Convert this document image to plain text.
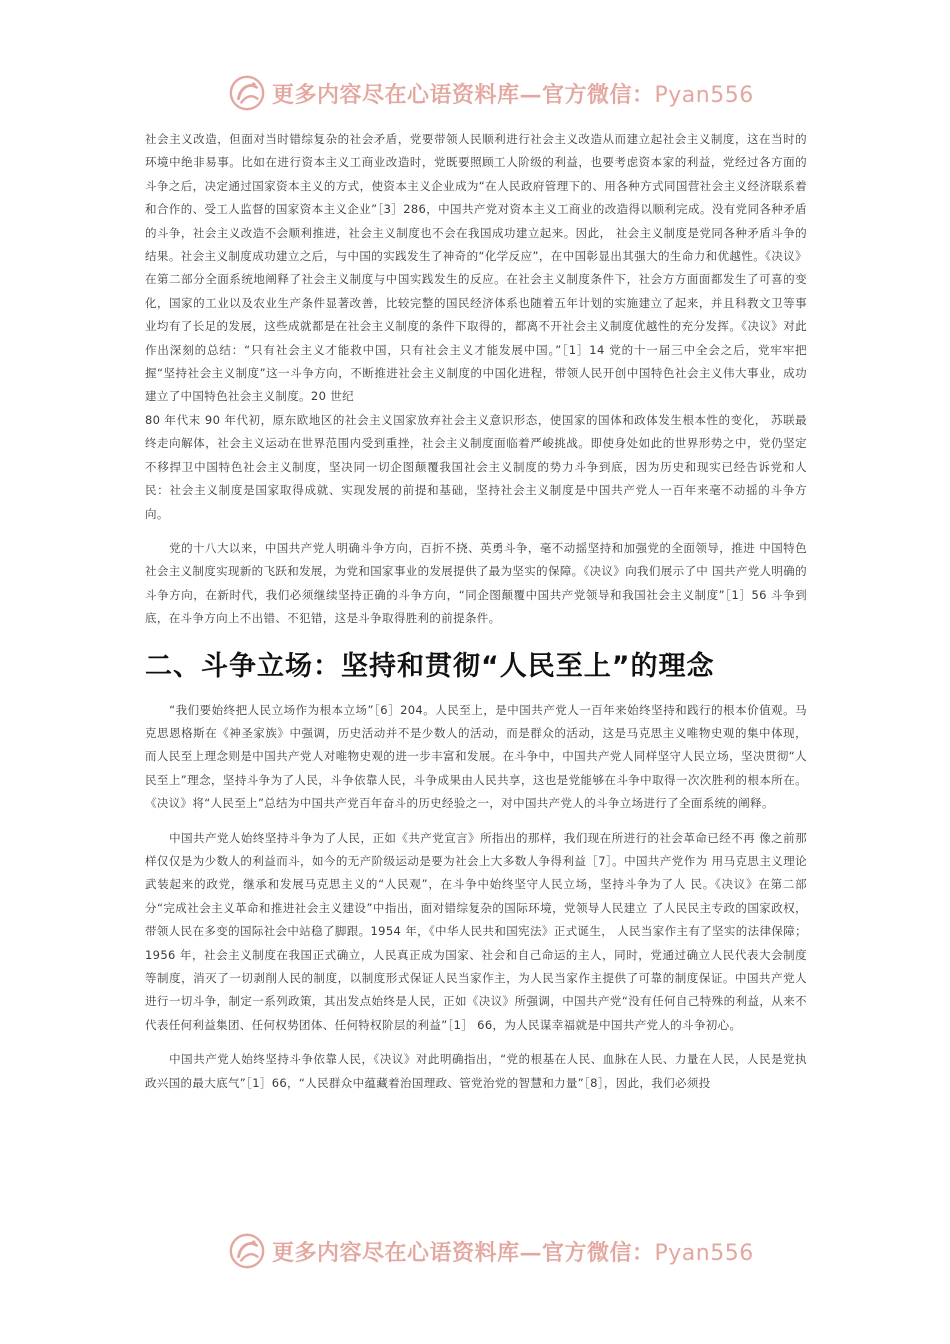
更多内容尽在心语资料库—官方微信：Pyan556

社会主义改造，但面对当时错综复杂的社会矛盾，党要带领人民顺利进行社会主义改造从而建立起社会主义制度，这在当时的环境中绝非易事。比如在进行资本主义工商业改造时，党既要照顾工人阶级的利益，也要考虑资本家的利益，党经过各方面的斗争之后，决定通过国家资本主义的方式，使资本主义企业成为“在人民政府管理下的、用各种方式同国营社会主义经济联系着和合作的、受工人监督的国家资本主义企业”［3］286，中国共产党对资本主义工商业的改造得以顺利完成。没有党同各种矛盾的斗争，社会主义改造不会顺利推进，社会主义制度也不会在我国成功建立起来。因此， 社会主义制度是党同各种矛盾斗争的结果。社会主义制度成功建立之后，与中国的实践发生了神奇的“化学反应”，在中国彰显出其强大的生命力和优越性。《决议》在第二部分全面系统地阐释了社会主义制度与中国实践发生的反应。在社会主义制度条件下，社会方方面面都发生了可喜的变化，国家的工业以及农业生产条件显著改善，比较完整的国民经济体系也随着五年计划的实施建立了起来，并且科教文卫等事业均有了长足的发展，这些成就都是在社会主义制度的条件下取得的，都离不开社会主义制度优越性的充分发挥。《决议》对此作出深刻的总结：“只有社会主义才能救中国，只有社会主义才能发展中国。”［1］14 党的十一届三中全会之后，党牢牢把握“坚持社会主义制度”这一斗争方向，不断推进社会主义制度的中国化进程，带领人民开创中国特色社会主义伟大事业，成功建立了中国特色社会主义制度。20 世纪

80 年代末 90 年代初，原东欧地区的社会主义国家放弃社会主义意识形态，使国家的国体和政体发生根本性的变化， 苏联最终走向解体，社会主义运动在世界范围内受到重挫，社会主义制度面临着严峻挑战。即使身处如此的世界形势之中，党仍坚定不移捍卫中国特色社会主义制度，坚决同一切企图颠覆我国社会主义制度的势力斗争到底，因为历史和现实已经告诉党和人民：社会主义制度是国家取得成就、实现发展的前提和基础，坚持社会主义制度是中国共产党人一百年来毫不动摇的斗争方向。

党的十八大以来，中国共产党人明确斗争方向，百折不挠、英勇斗争，毫不动摇坚持和加强党的全面领导，推进 中国特色社会主义制度实现新的飞跃和发展，为党和国家事业的发展提供了最为坚实的保障。《决议》向我们展示了中 国共产党人明确的斗争方向，在新时代，我们必须继续坚持正确的斗争方向，“同企图颠覆中国共产党领导和我国社会主义制度”［1］56 斗争到底，在斗争方向上不出错、不犯错，这是斗争取得胜利的前提条件。

二、斗争立场：坚持和贯彻“人民至上”的理念

“我们要始终把人民立场作为根本立场”［6］204。人民至上，是中国共产党人一百年来始终坚持和践行的根本价值观。马克思恩格斯在《神圣家族》中强调，历史活动并不是少数人的活动，而是群众的活动，这是马克思主义唯物史观的集中体现，而人民至上理念则是中国共产党人对唯物史观的进一步丰富和发展。在斗争中，中国共产党人同样坚守人民立场，坚决贯彻“人民至上”理念，坚持斗争为了人民，斗争依靠人民，斗争成果由人民共享，这也是党能够在斗争中取得一次次胜利的根本所在。《决议》将“人民至上”总结为中国共产党百年奋斗的历史经验之一，对中国共产党人的斗争立场进行了全面系统的阐释。

中国共产党人始终坚持斗争为了人民，正如《共产党宣言》所指出的那样，我们现在所进行的社会革命已经不再 像之前那样仅仅是为少数人的利益而斗，如今的无产阶级运动是要为社会上大多数人争得利益［7］。中国共产党作为 用马克思主义理论武装起来的政党，继承和发展马克思主义的“人民观”，在斗争中始终坚守人民立场，坚持斗争为了人 民。《决议》在第二部分“完成社会主义革命和推进社会主义建设”中指出，面对错综复杂的国际环境，党领导人民建立 了人民民主专政的国家政权，带领人民在多变的国际社会中站稳了脚跟。1954 年，《中华人民共和国宪法》正式诞生， 人民当家作主有了坚实的法律保障；1956 年，社会主义制度在我国正式确立，人民真正成为国家、社会和自己命运的主人，同时，党通过确立人民代表大会制度等制度，消灭了一切剥削人民的制度，以制度形式保证人民当家作主，为人民当家作主提供了可靠的制度保证。中国共产党人进行一切斗争，制定一系列政策，其出发点始终是人民，正如《决议》所强调，中国共产党“没有任何自己特殊的利益，从来不代表任何利益集团、任何权势团体、任何特权阶层的利益”［1］ 66，为人民谋幸福就是中国共产党人的斗争初心。

中国共产党人始终坚持斗争依靠人民，《决议》对此明确指出，“党的根基在人民、血脉在人民、力量在人民，人民是党执政兴国的最大底气”［1］66，“人民群众中蕴藏着治国理政、管党治党的智慧和力量”［8］，因此，我们必须投

更多内容尽在心语资料库—官方微信：Pyan556
